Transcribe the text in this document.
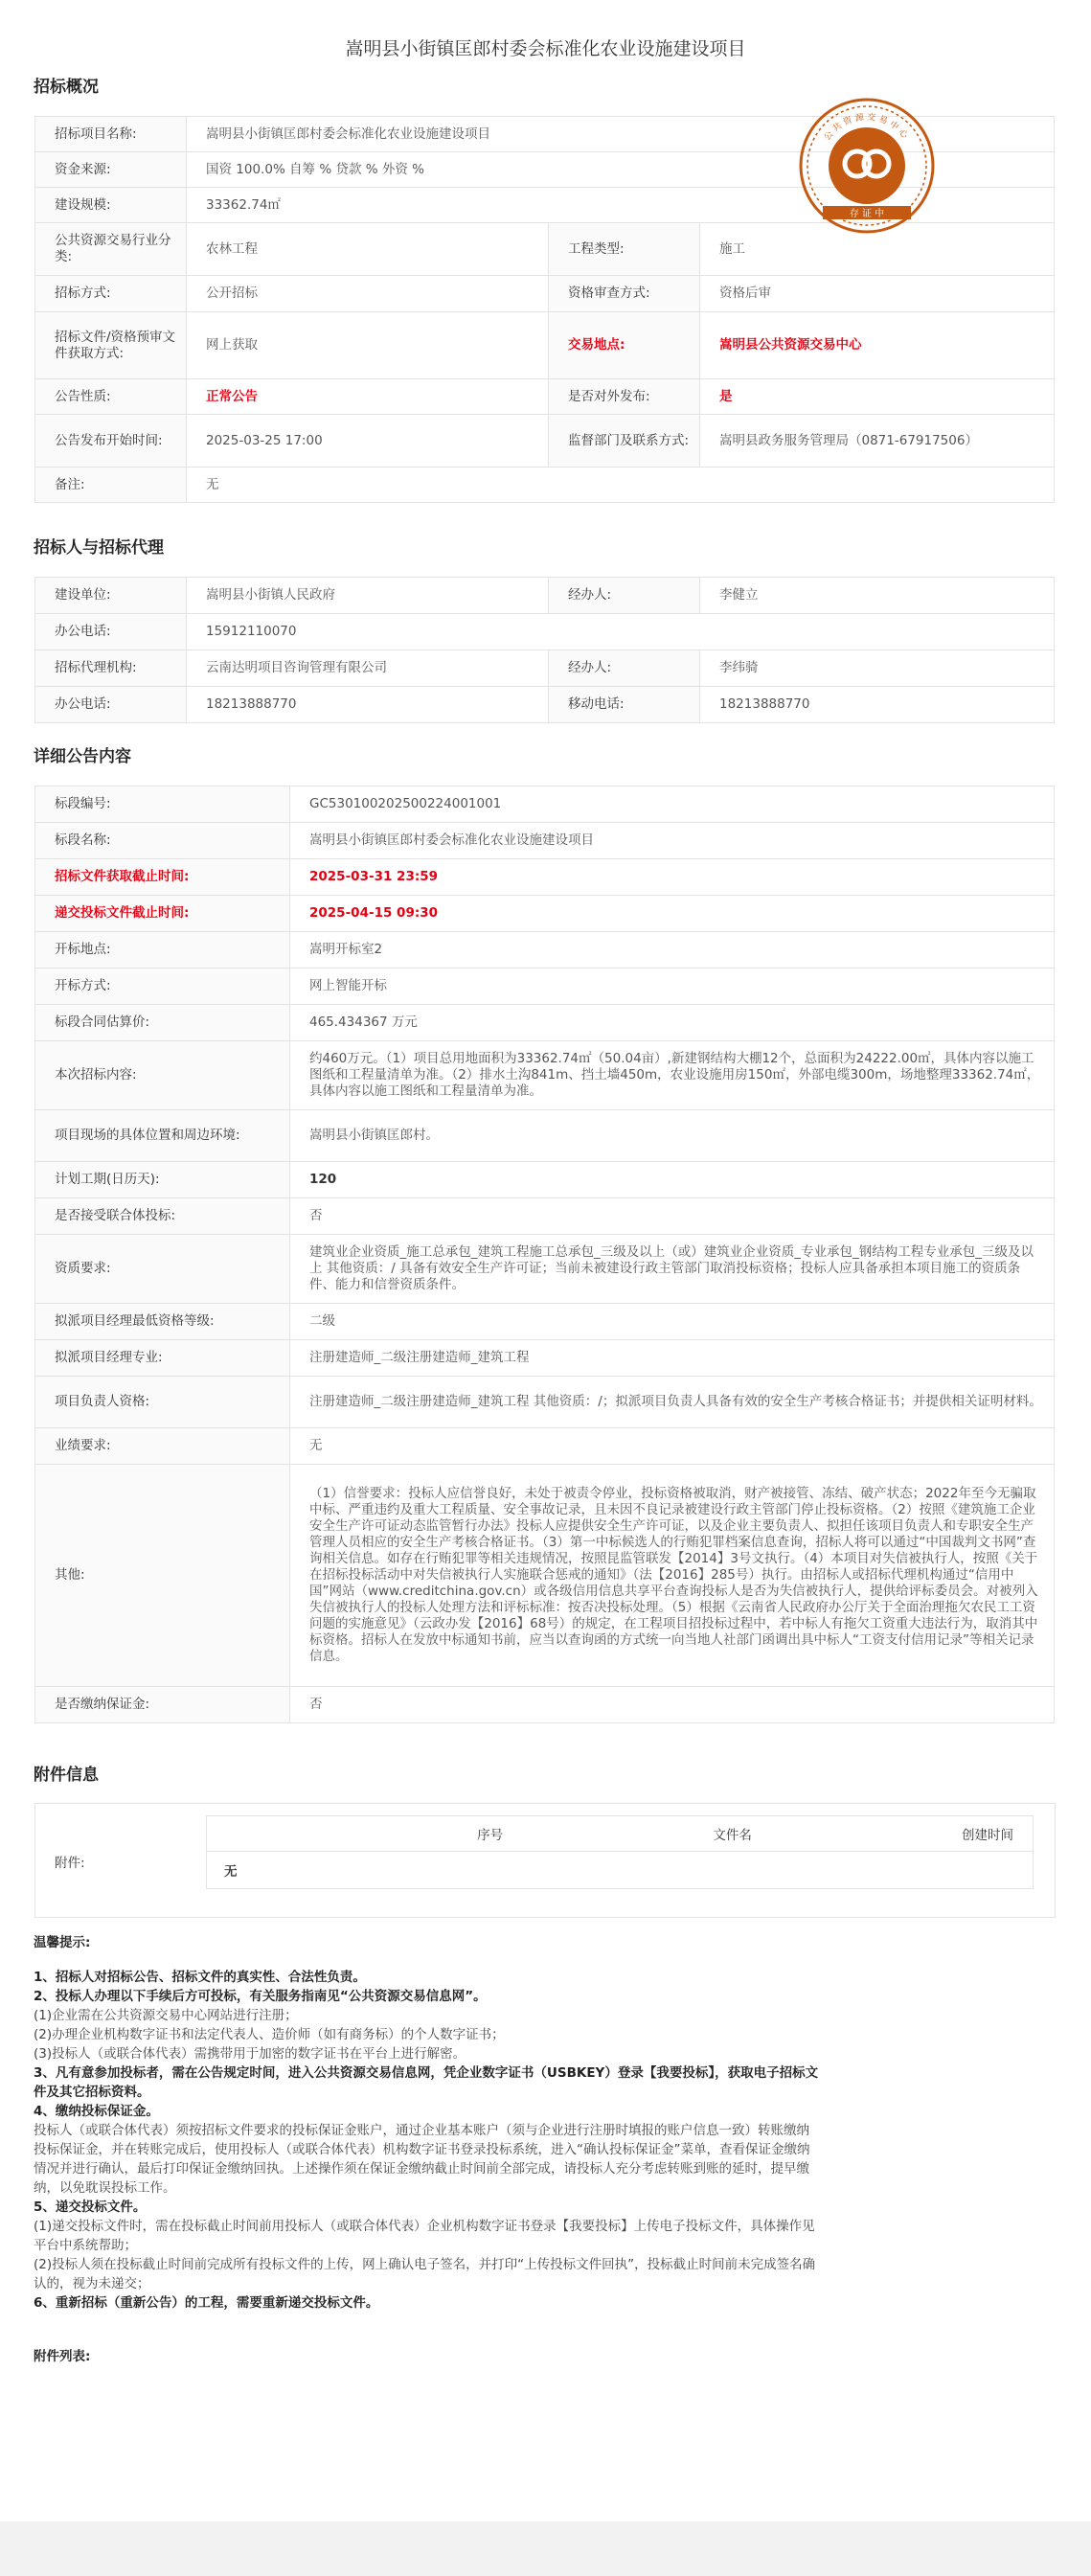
嵩明县小街镇匡郎村委会标准化农业设施建设项目
招标概况
招标项目名称:	嵩明县小街镇匡郎村委会标准化农业设施建设项目		
资金来源:	国资 100.0% 自筹 % 贷款 % 外资 %		
建设规模:	33362.74㎡		
公共资源交易行业分类:	农林工程	工程类型:	施工
招标方式:	公开招标	资格审查方式:	资格后审
招标文件/资格预审文件获取方式:	网上获取	交易地点:	嵩明县公共资源交易中心
公告性质:	正常公告	是否对外发布:	是
公告发布开始时间:	2025-03-25 17:00	监督部门及联系方式:	嵩明县政务服务管理局（0871-67917506）
备注:	无		
公共资源交易中心
存 证 中
招标人与招标代理
建设单位:	嵩明县小街镇人民政府	经办人:	李健立
办公电话:	15912110070		
招标代理机构:	云南达明项目咨询管理有限公司	经办人:	李纬骑
办公电话:	18213888770	移动电话:	18213888770
详细公告内容
标段编号:	GC5301002025002240010​01
标段名称:	嵩明县小街镇匡郎村委会标准化农业设施建设项目
招标文件获取截止时间:	2025-03-31 23:59
递交投标文件截止时间:	2025-04-15 09:30
开标地点:	嵩明开标室2
开标方式:	网上智能开标
标段合同估算价:	465.434367 万元
本次招标内容:	约460万元。（1）项目总用地面积为33362.74㎡（50.04亩）,新建钢结构大棚12个，总面积为24222.00㎡，具体内容以施工图纸和工程量清单为准。（2）排水土沟841m、挡土墙450m，农业设施用房150㎡，外部电缆300m，场地整理33362.74㎡，具体内容以施工图纸和工程量清单为准。
项目现场的具体位置和周边环境:	嵩明县小街镇匡郎村。
计划工期(日历天):	120
是否接受联合体投标:	否
资质要求:	建筑业企业资质_施工总承包_建筑工程施工总承包_三级及以上（或）建筑业企业资质_专业承包_钢结构工程专业承包_三级及以上 其他资质：/ 具备有效安全生产许可证；当前未被建设行政主管部门取消投标资格；投标人应具备承担本项目施工的资质条件、能力和信誉资质条件。
拟派项目经理最低资格等级:	二级
拟派项目经理专业:	注册建造师_二级注册建造师_建筑工程
项目负责人资格:	注册建造师_二级注册建造师_建筑工程 其他资质：/；拟派项目负责人具备有效的安全生产考核合格证书；并提供相关证明材料。
业绩要求:	无
其他:	（1）信誉要求：投标人应信誉良好，未处于被责令停业，投标资格被取消，财产被接管、冻结、破产状态；2022年至今无骗取中标、严重违约及重大工程质量、安全事故记录，且未因不良记录被建设行政主管部门停止投标资格。（2）按照《建筑施工企业安全生产许可证动态监管暂行办法》投标人应提供安全生产许可证，以及企业主要负责人、拟担任该项目负责人和专职安全生产管理人员相应的安全生产考核合格证书。（3）第一中标候选人的行贿犯罪档案信息查询，招标人将可以通过“中国裁判文书网”查询相关信息。如存在行贿犯罪等相关违规情况，按照昆监管联发【2014】3号文执行。（4）本项目对失信被执行人，按照《关于在招标投标活动中对失信被执行人实施联合惩戒的通知》（法【2016】285号）执行。由招标人或招标代理机构通过“信用中国”网站（www.creditchina.gov.cn）或各级信用信息共享平台查询投标人是否为失信被执行人，提供给评标委员会。对被列入失信被执行人的投标人处理方法和评标标准：按否决投标处理。（5）根据《云南省人民政府办公厅关于全面治理拖欠农民工工资问题的实施意见》（云政办发【2016】68号）的规定，在工程项目招投标过程中，若中标人有拖欠工资重大违法行为，取消其中标资格。招标人在发放中标通知书前，应当以查询函的方式统一向当地人社部门函调出具中标人“工资支付信用记录”等相关记录信息。
是否缴纳保证金:	否
附件信息
附件:
序号	文件名	创建时间
无

温馨提示:

1、招标人对招标公告、招标文件的真实性、合法性负责。

2、投标人办理以下手续后方可投标，有关服务指南见“公共资源交易信息网”。

(1)企业需在公共资源交易中心网站进行注册；

(2)办理企业机构数字证书和法定代表人、造价师（如有商务标）的个人数字证书；

(3)投标人（或联合体代表）需携带用于加密的数字证书在平台上进行解密。

3、凡有意参加投标者，需在公告规定时间，进入公共资源交易信息网，凭企业数字证书（USBKEY）登录【我要投标】，获取电子招标文件及其它招标资料。

4、缴纳投标保证金。

投标人（或联合体代表）须按招标文件要求的投标保证金账户，通过企业基本账户（须与企业进行注册时填报的账户信息一致）转账缴纳投标保证金，并在转账完成后，使用投标人（或联合体代表）机构数字证书登录投标系统，进入“确认投标保证金”菜单，查看保证金缴纳情况并进行确认，最后打印保证金缴纳回执。上述操作须在保证金缴纳截止时间前全部完成，请投标人充分考虑转账到账的延时，提早缴纳，以免耽误投标工作。

5、递交投标文件。

(1)递交投标文件时，需在投标截止时间前用投标人（或联合体代表）企业机构数字证书登录【我要投标】上传电子投标文件，具体操作见平台中系统帮助；

(2)投标人须在投标截止时间前完成所有投标文件的上传，网上确认电子签名，并打印“上传投标文件回执”，投标截止时间前未完成签名确认的，视为未递交；

6、重新招标（重新公告）的工程，需要重新递交投标文件。

附件列表:
